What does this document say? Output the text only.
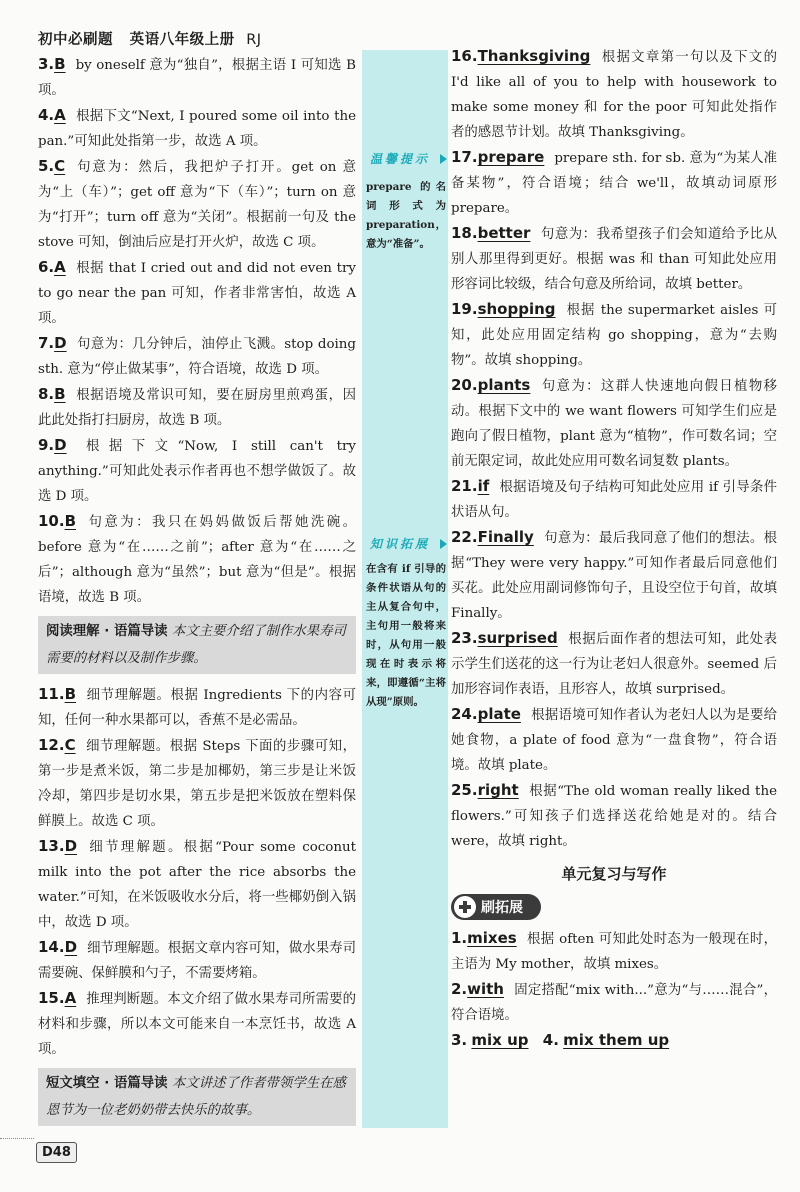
初中必刷题 英语八年级上册 RJ

3.B by oneself 意为“独自”，根据主语 I 可知选 B 项。

4.A 根据下文“Next, I poured some oil into the pan.”可知此处指第一步，故选 A 项。

5.C 句意为：然后，我把炉子打开。get on 意为“上（车）”；get off 意为“下（车）”；turn on 意为“打开”；turn off 意为“关闭”。根据前一句及 the stove 可知，倒油后应是打开火炉，故选 C 项。

6.A 根据 that I cried out and did not even try to go near the pan 可知，作者非常害怕，故选 A 项。

7.D 句意为：几分钟后，油停止飞溅。stop doing sth. 意为“停止做某事”，符合语境，故选 D 项。

8.B 根据语境及常识可知，要在厨房里煎鸡蛋，因此此处指打扫厨房，故选 B 项。

9.D 根据下文“Now, I still can't try anything.”可知此处表示作者再也不想学做饭了。故选 D 项。

10.B 句意为：我只在妈妈做饭后帮她洗碗。before 意为“在……之前”；after 意为“在……之后”；although 意为“虽然”；but 意为“但是”。根据语境，故选 B 项。

阅读理解 · 语篇导读 本文主要介绍了制作水果寿司需要的材料以及制作步骤。

11.B 细节理解题。根据 Ingredients 下的内容可知，任何一种水果都可以，香蕉不是必需品。

12.C 细节理解题。根据 Steps 下面的步骤可知，第一步是煮米饭，第二步是加椰奶，第三步是让米饭冷却，第四步是切水果，第五步是把米饭放在塑料保鲜膜上。故选 C 项。

13.D 细节理解题。根据“Pour some coconut milk into the pot after the rice absorbs the water.”可知，在米饭吸收水分后，将一些椰奶倒入锅中，故选 D 项。

14.D 细节理解题。根据文章内容可知，做水果寿司需要碗、保鲜膜和勺子，不需要烤箱。

15.A 推理判断题。本文介绍了做水果寿司所需要的材料和步骤，所以本文可能来自一本烹饪书，故选 A 项。

短文填空 · 语篇导读 本文讲述了作者带领学生在感恩节为一位老奶奶带去快乐的故事。
温馨提示
prepare 的名词形式为 preparation，意为“准备”。
知识拓展
在含有 if 引导的条件状语从句的主从复合句中，主句用一般将来时，从句用一般现在时表示将来，即遵循“主将从现”原则。

16.Thanksgiving 根据文章第一句以及下文的 I'd like all of you to help with housework to make some money 和 for the poor 可知此处指作者的感恩节计划。故填 Thanksgiving。

17.prepare prepare sth. for sb. 意为“为某人准备某物”，符合语境；结合 we'll，故填动词原形 prepare。

18.better 句意为：我希望孩子们会知道给予比从别人那里得到更好。根据 was 和 than 可知此处应用形容词比较级，结合句意及所给词，故填 better。

19.shopping 根据 the supermarket aisles 可知，此处应用固定结构 go shopping，意为“去购物”。故填 shopping。

20.plants 句意为：这群人快速地向假日植物移动。根据下文中的 we want flowers 可知学生们应是跑向了假日植物，plant 意为“植物”，作可数名词；空前无限定词，故此处应用可数名词复数 plants。

21.if 根据语境及句子结构可知此处应用 if 引导条件状语从句。

22.Finally 句意为：最后我同意了他们的想法。根据“They were very happy.”可知作者最后同意他们买花。此处应用副词修饰句子，且设空位于句首，故填 Finally。

23.surprised 根据后面作者的想法可知，此处表示学生们送花的这一行为让老妇人很意外。seemed 后加形容词作表语，且形容人，故填 surprised。

24.plate 根据语境可知作者认为老妇人以为是要给她食物，a plate of food 意为“一盘食物”，符合语境。故填 plate。

25.right 根据“The old woman really liked the flowers.”可知孩子们选择送花给她是对的。结合 were，故填 right。

单元复习与写作
刷拓展

1.mixes 根据 often 可知此处时态为一般现在时，主语为 My mother，故填 mixes。

2.with 固定搭配“mix with...”意为“与……混合”，符合语境。

3. mix up 4. mix them up

D48
